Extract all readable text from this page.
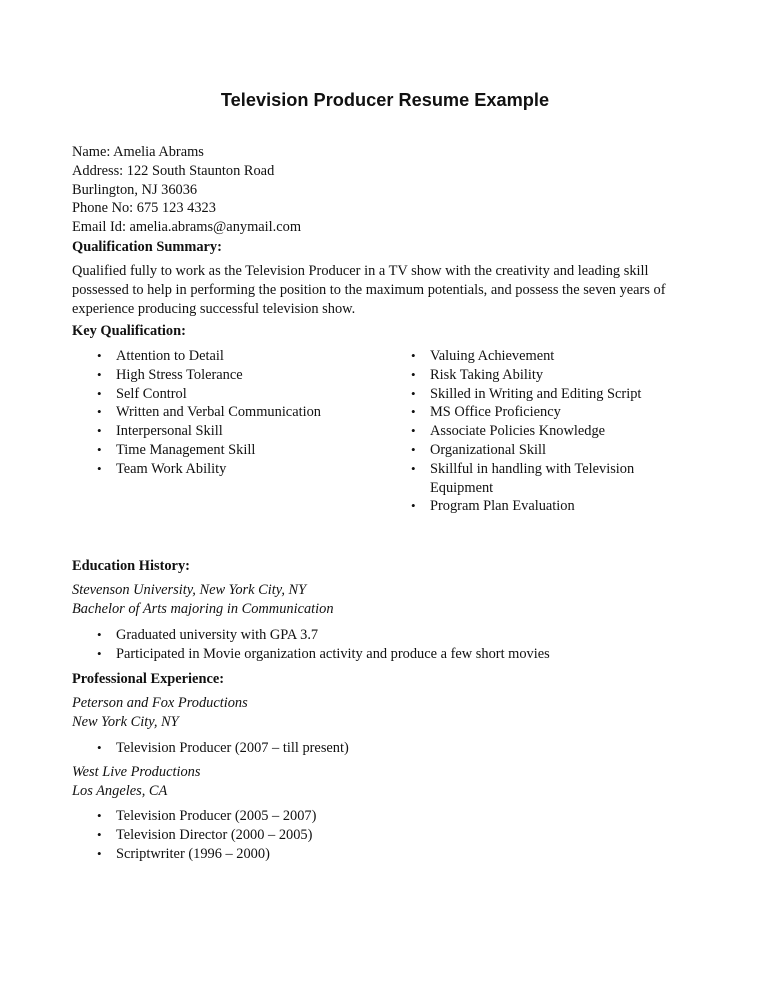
Television Producer Resume Example
Name: Amelia Abrams
Address: 122 South Staunton Road
Burlington, NJ 36036
Phone No: 675 123 4323
Email Id: amelia.abrams@anymail.com
Qualification Summary:
Qualified fully to work as the Television Producer in a TV show with the creativity and leading skill
possessed to help in performing the position to the maximum potentials, and possess the seven years of
experience producing successful television show.
Key Qualification:
• Attention to Detail
• High Stress Tolerance
• Self Control
• Written and Verbal Communication
• Interpersonal Skill
• Time Management Skill
• Team Work Ability
• Valuing Achievement
• Risk Taking Ability
• Skilled in Writing and Editing Script
• MS Office Proficiency
• Associate Policies Knowledge
• Organizational Skill
• Skillful in handling with Television
Equipment
• Program Plan Evaluation
Education History:
Stevenson University, New York City, NY
Bachelor of Arts majoring in Communication
• Graduated university with GPA 3.7
• Participated in Movie organization activity and produce a few short movies
Professional Experience:
Peterson and Fox Productions
New York City, NY
• Television Producer (2007 – till present)
West Live Productions
Los Angeles, CA
• Television Producer (2005 – 2007)
• Television Director (2000 – 2005)
• Scriptwriter (1996 – 2000)
